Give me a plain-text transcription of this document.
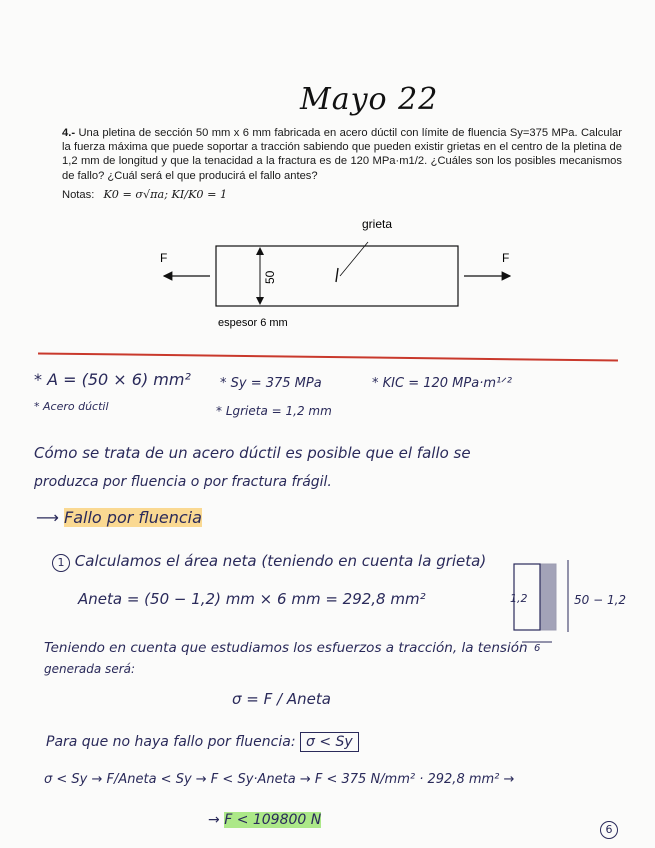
Mayo 22
4.- Una pletina de sección 50 mm x 6 mm fabricada en acero dúctil con límite de fluencia Sy=375 MPa. Calcular la fuerza máxima que puede soportar a tracción sabiendo que pueden existir grietas en el centro de la pletina de 1,2 mm de longitud y que la tenacidad a la fractura es de 120 MPa·m1/2. ¿Cuáles son los posibles mecanismos de fallo? ¿Cuál será el que producirá el fallo antes?
Notas: K0 = σ√πa; KI/K0 = 1
grieta
F	F
50
espesor 6 mm
* A = (50 × 6) mm² * Sy = 375 MPa	* KIC = 120 MPa·m¹ᐟ²
* Acero dúctil	* Lgrieta = 1,2 mm
Cómo se trata de un acero dúctil es posible que el fallo se
produzca por fluencia o por fractura frágil.
⟶ Fallo por fluencia
1 Calculamos el área neta (teniendo en cuenta la grieta)
Aneta = (50 − 1,2) mm × 6 mm = 292,8 mm²	1,2	50 − 1,2
6
Teniendo en cuenta que estudiamos los esfuerzos a tracción, la tensión
generada será:
σ = F / Aneta
Para que no haya fallo por fluencia: σ < Sy
σ < Sy → F/Aneta < Sy → F < Sy·Aneta → F < 375 N/mm² · 292,8 mm² →
→ F < 109800 N
6
